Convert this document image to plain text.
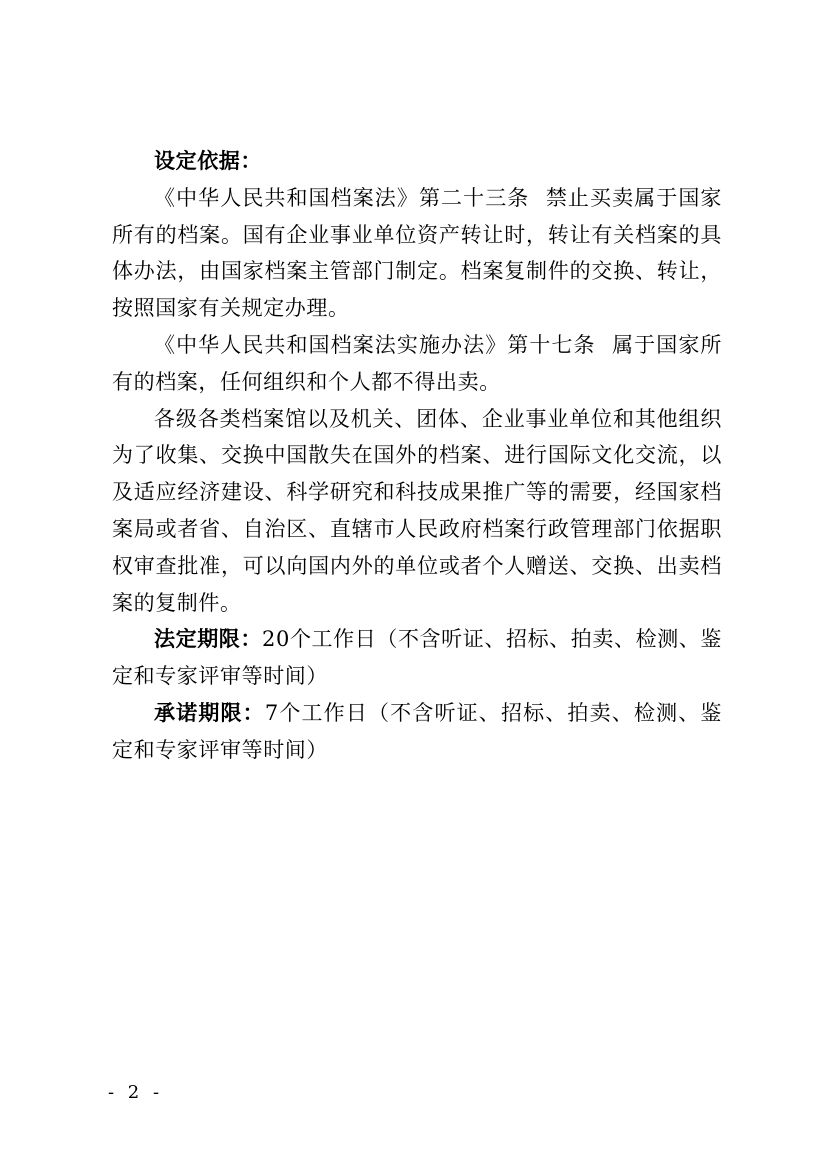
设定依据：

《中华人民共和国档案法》第二十三条 禁止买卖属于国家所有的档案。国有企业事业单位资产转让时，转让有关档案的具体办法，由国家档案主管部门制定。档案复制件的交换、转让，按照国家有关规定办理。

《中华人民共和国档案法实施办法》第十七条 属于国家所有的档案，任何组织和个人都不得出卖。

各级各类档案馆以及机关、团体、企业事业单位和其他组织为了收集、交换中国散失在国外的档案、进行国际文化交流，以及适应经济建设、科学研究和科技成果推广等的需要，经国家档案局或者省、自治区、直辖市人民政府档案行政管理部门依据职权审查批准，可以向国内外的单位或者个人赠送、交换、出卖档案的复制件。

法定期限：20个工作日（不含听证、招标、拍卖、检测、鉴定和专家评审等时间）

承诺期限：7个工作日（不含听证、招标、拍卖、检测、鉴定和专家评审等时间）

- 2 -
